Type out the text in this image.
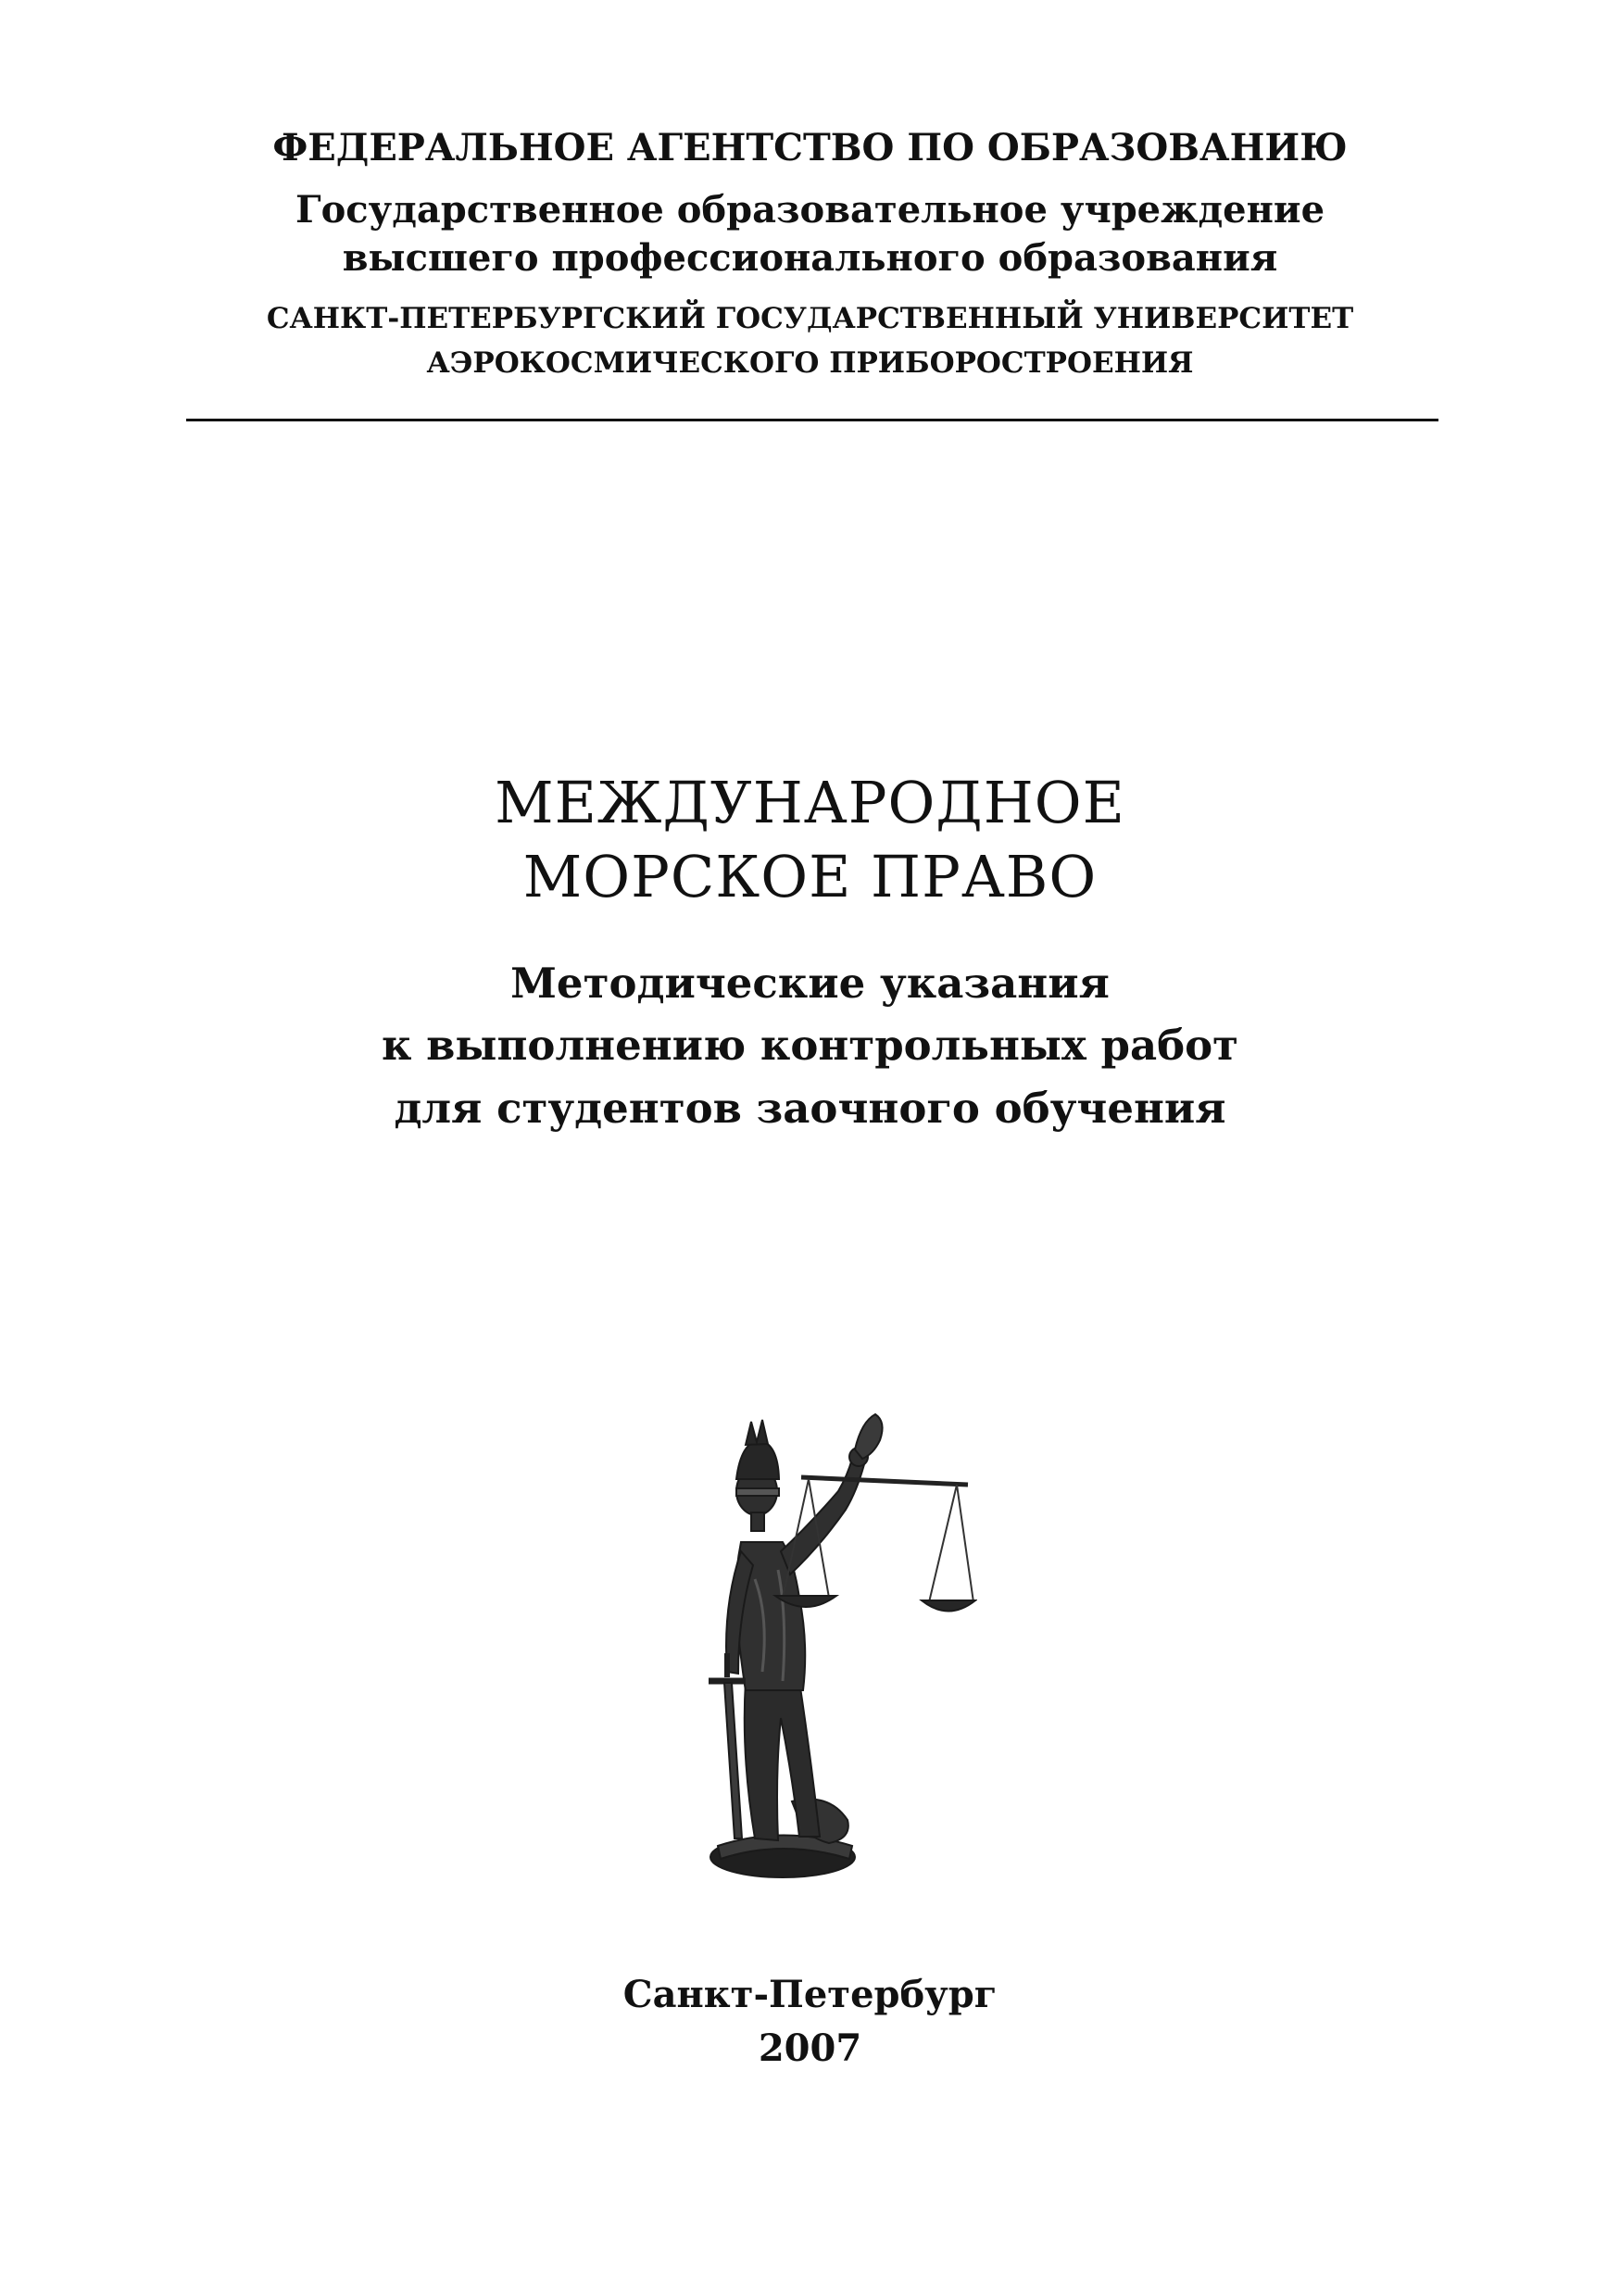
ФЕДЕРАЛЬНОЕ АГЕНТСТВО ПО ОБРАЗОВАНИЮ
Государственное образовательное учреждение
высшего профессионального образования
САНКТ-ПЕТЕРБУРГСКИЙ ГОСУДАРСТВЕННЫЙ УНИВЕРСИТЕТ
АЭРОКОСМИЧЕСКОГО ПРИБОРОСТРОЕНИЯ
МЕЖДУНАРОДНОЕ
МОРСКОЕ ПРАВО
Методические указания
к выполнению контрольных работ
для студентов заочного обучения
Санкт-Петербург
2007
